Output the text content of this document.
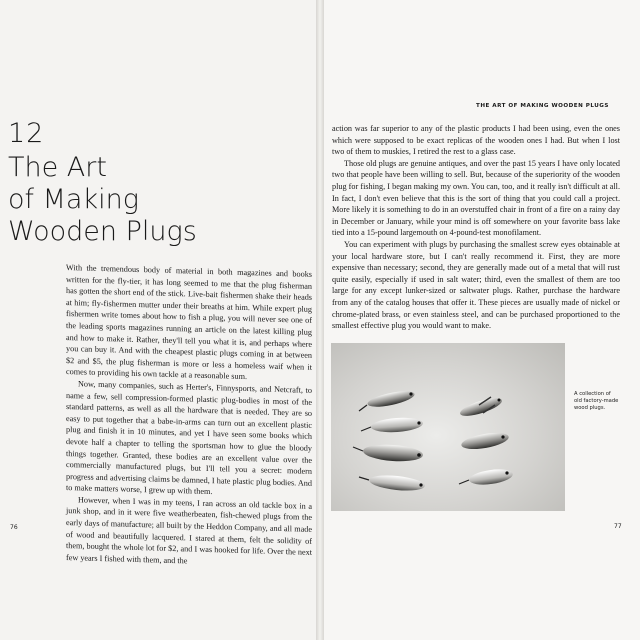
12
The Art
of Making
Wooden Plugs

With the tremendous body of material in both magazines and books written for the fly-tier, it has long seemed to me that the plug fisherman has gotten the short end of the stick. Live-bait fishermen shake their heads at him; fly-fishermen mutter under their breaths at him. While expert plug fishermen write tomes about how to fish a plug, you will never see one of the leading sports magazines running an article on the latest killing plug and how to make it. Rather, they'll tell you what it is, and perhaps where you can buy it. And with the cheapest plastic plugs coming in at between $2 and $5, the plug fisherman is more or less a homeless waif when it comes to providing his own tackle at a reasonable sum.

Now, many companies, such as Herter's, Finnysports, and Netcraft, to name a few, sell compression-formed plastic plug-bodies in most of the standard patterns, as well as all the hardware that is needed. They are so easy to put together that a babe-in-arms can turn out an excellent plastic plug and finish it in 10 minutes, and yet I have seen some books which devote half a chapter to telling the sportsman how to glue the bloody things together. Granted, these bodies are an excellent value over the commercially manufactured plugs, but I'll tell you a secret: modern progress and advertising claims be damned, I hate plastic plug bodies. And to make matters worse, I grew up with them.

However, when I was in my teens, I ran across an old tackle box in a junk shop, and in it were five weatherbeaten, fish-chewed plugs from the early days of manufacture; all built by the Heddon Company, and all made of wood and beautifully lacquered. I stared at them, felt the solidity of them, bought the whole lot for $2, and I was hooked for life. Over the next few years I fished with them, and the

76
THE ART OF MAKING WOODEN PLUGS

action was far superior to any of the plastic products I had been using, even the ones which were supposed to be exact replicas of the wooden ones I had. But when I lost two of them to muskies, I retired the rest to a glass case.

Those old plugs are genuine antiques, and over the past 15 years I have only located two that people have been willing to sell. But, because of the superiority of the wooden plug for fishing, I began making my own. You can, too, and it really isn't difficult at all. In fact, I don't even believe that this is the sort of thing that you could call a project. More likely it is something to do in an overstuffed chair in front of a fire on a rainy day in December or January, while your mind is off somewhere on your favorite bass lake tied into a 15-pound largemouth on 4-pound-test monofilament.

You can experiment with plugs by purchasing the smallest screw eyes obtainable at your local hardware store, but I can't really recommend it. First, they are more expensive than necessary; second, they are generally made out of a metal that will rust quite easily, especially if used in salt water; third, even the smallest of them are too large for any except lunker-sized or saltwater plugs. Rather, purchase the hardware from any of the catalog houses that offer it. These pieces are usually made of nickel or chrome-plated brass, or even stainless steel, and can be purchased proportioned to the smallest effective plug you would want to make.

A collection of old factory-made wood plugs.
77
